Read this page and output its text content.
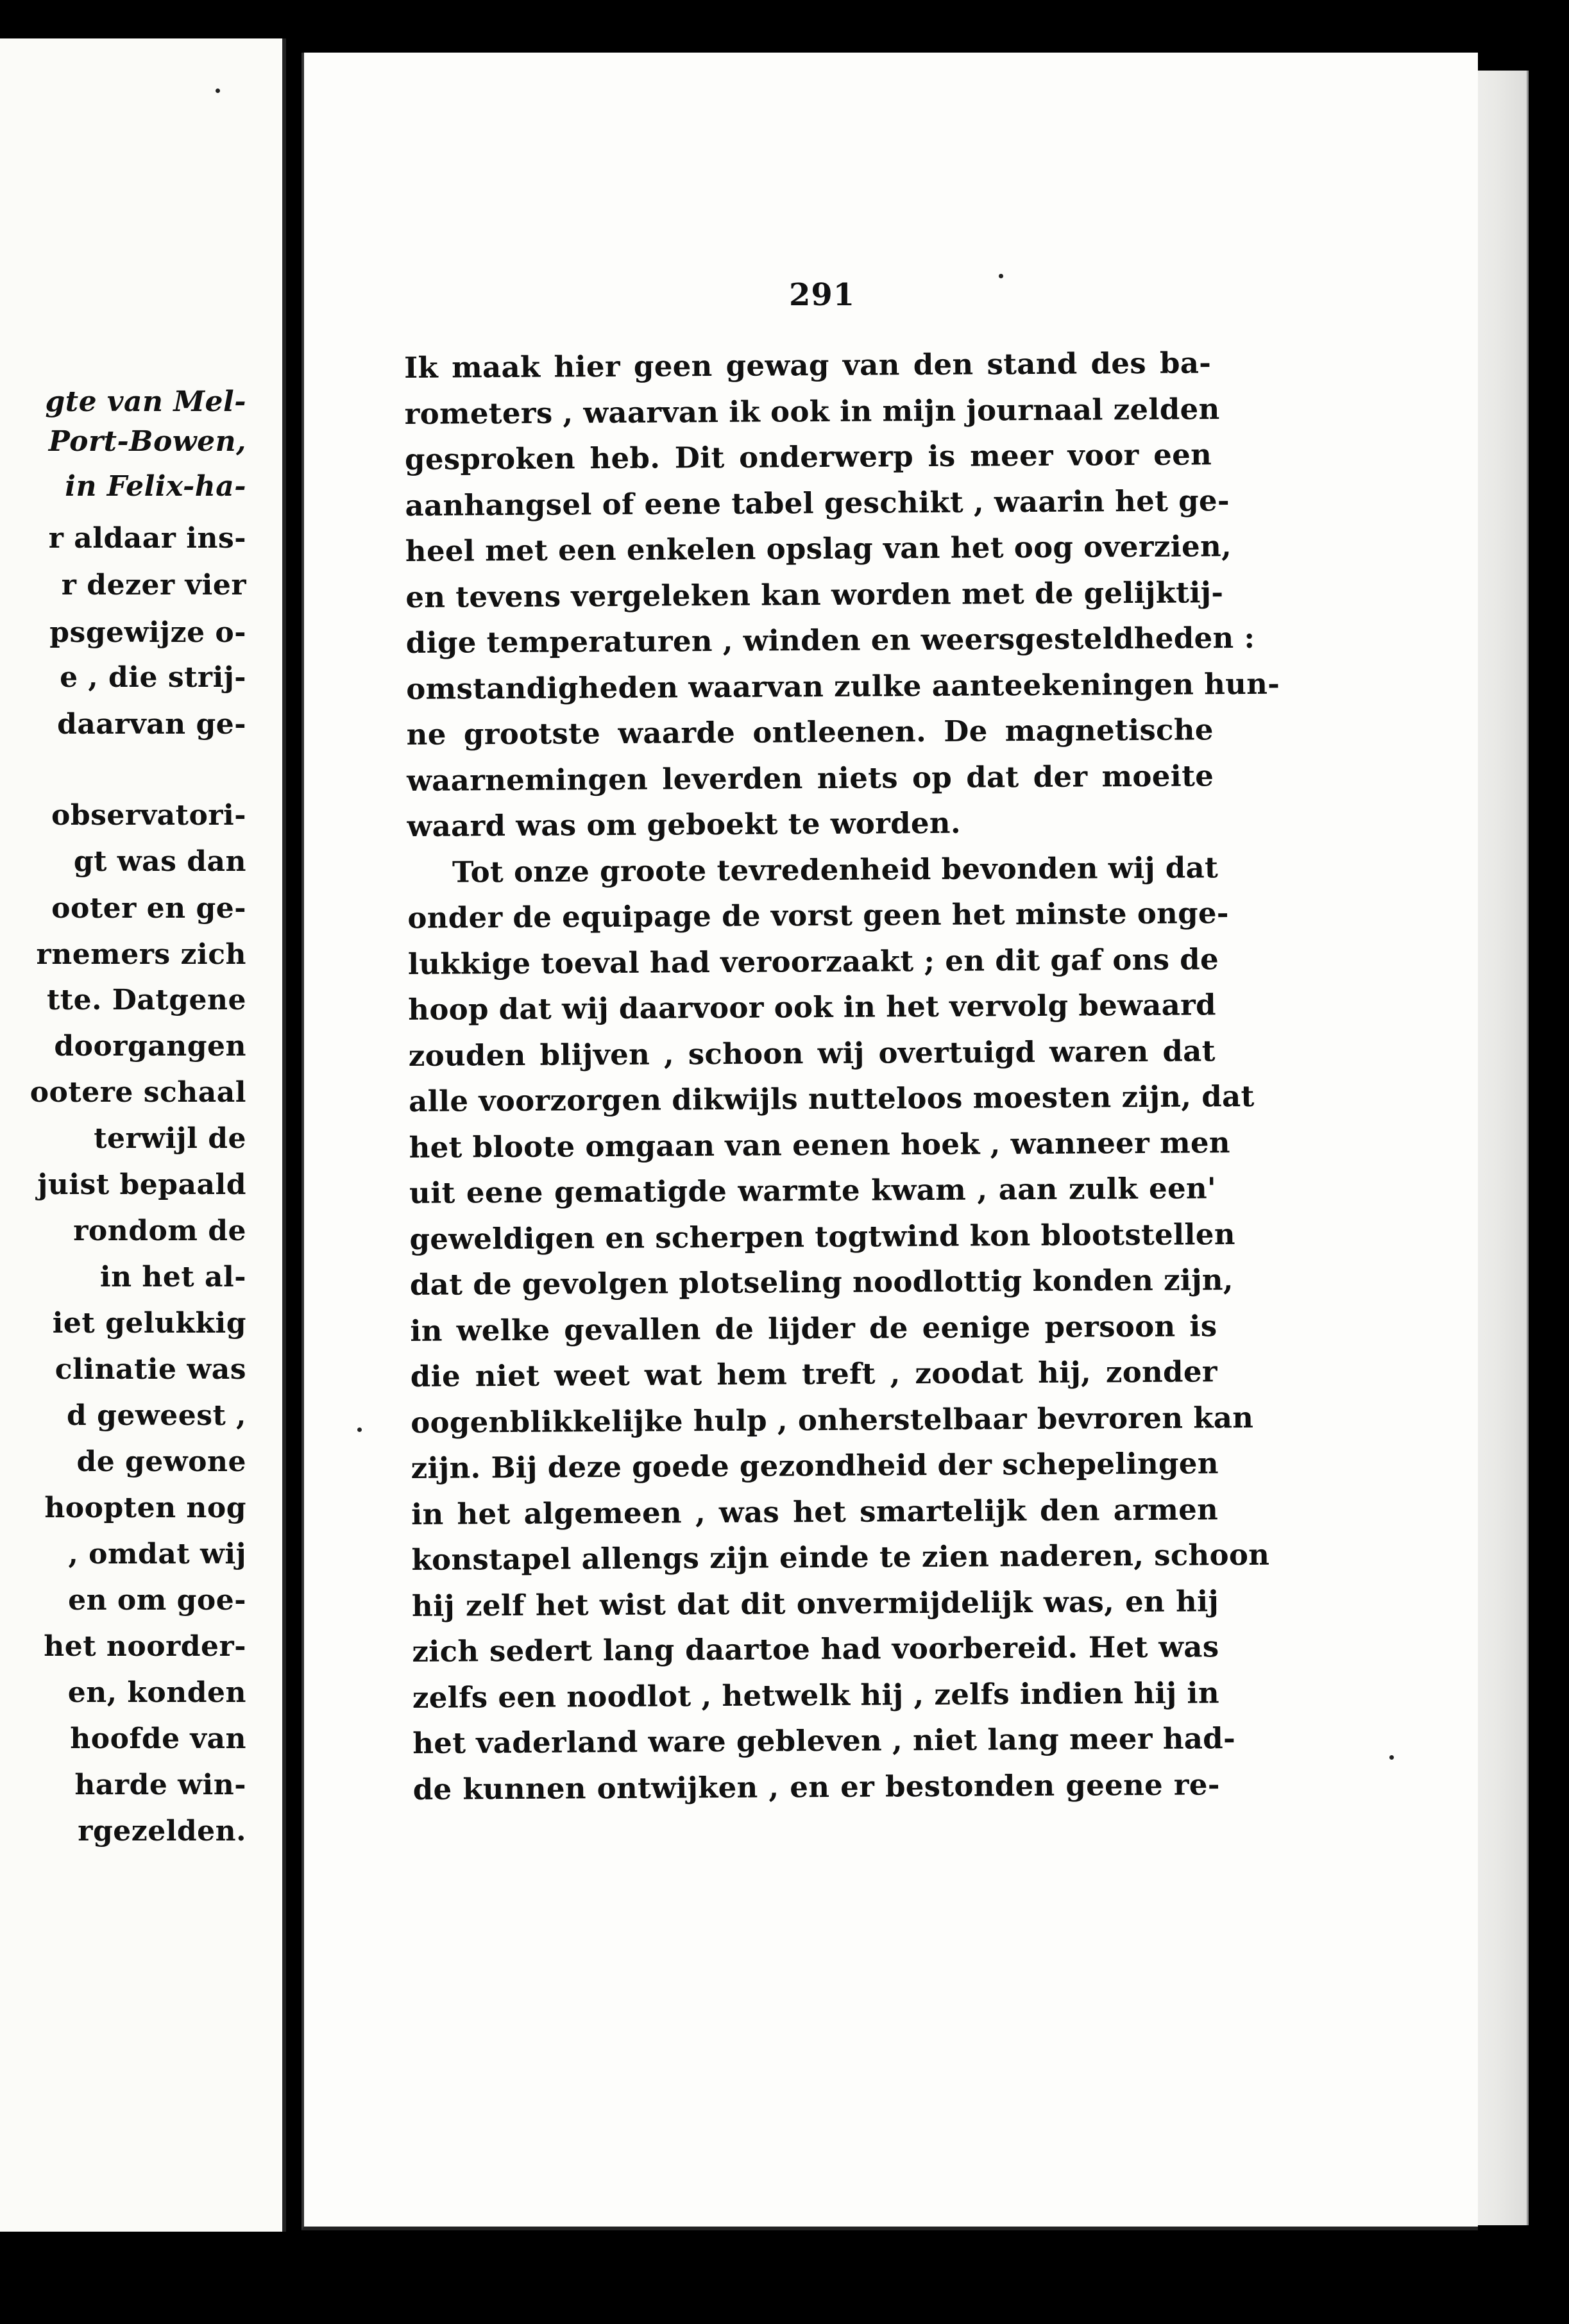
gte van Mel-
Port-Bowen,
in Felix-ha-
r aldaar ins-
r dezer vier
psgewijze o-
e , die strij-
daarvan ge-
observatori-
gt was dan
ooter en ge-
rnemers zich
tte. Datgene
doorgangen
ootere schaal
terwijl de
juist bepaald
rondom de
in het al-
iet gelukkig
clinatie was
d geweest ,
de gewone
hoopten nog
, omdat wij
en om goe-
het noorder-
en, konden
hoofde van
harde win-
rgezelden.
291
Ik maak hier geen gewag van den stand des ba-
rometers , waarvan ik ook in mijn journaal zelden
gesproken heb. Dit onderwerp is meer voor een
aanhangsel of eene tabel geschikt , waarin het ge-
heel met een enkelen opslag van het oog overzien,
en tevens vergeleken kan worden met de gelijktij-
dige temperaturen , winden en weersgesteldheden :
omstandigheden waarvan zulke aanteekeningen hun-
ne grootste waarde ontleenen. De magnetische
waarnemingen leverden niets op dat der moeite
waard was om geboekt te worden.
Tot onze groote tevredenheid bevonden wij dat
onder de equipage de vorst geen het minste onge-
lukkige toeval had veroorzaakt ; en dit gaf ons de
hoop dat wij daarvoor ook in het vervolg bewaard
zouden blijven , schoon wij overtuigd waren dat
alle voorzorgen dikwijls nutteloos moesten zijn, dat
het bloote omgaan van eenen hoek , wanneer men
uit eene gematigde warmte kwam , aan zulk een'
geweldigen en scherpen togtwind kon blootstellen
dat de gevolgen plotseling noodlottig konden zijn,
in welke gevallen de lijder de eenige persoon is
die niet weet wat hem treft , zoodat hij, zonder
oogenblikkelijke hulp , onherstelbaar bevroren kan
zijn. Bij deze goede gezondheid der schepelingen
in het algemeen , was het smartelijk den armen
konstapel allengs zijn einde te zien naderen, schoon
hij zelf het wist dat dit onvermijdelijk was, en hij
zich sedert lang daartoe had voorbereid. Het was
zelfs een noodlot , hetwelk hij , zelfs indien hij in
het vaderland ware gebleven , niet lang meer had-
de kunnen ontwijken , en er bestonden geene re-
